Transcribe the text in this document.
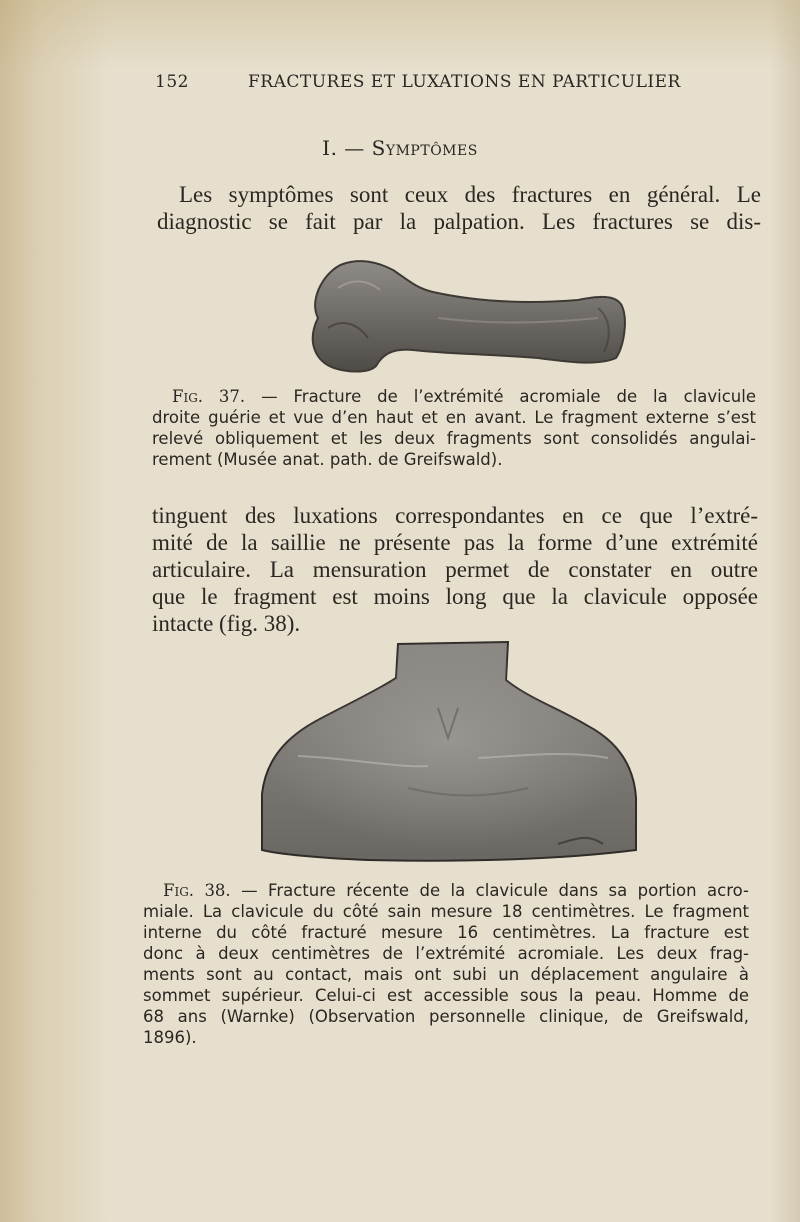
152	FRACTURES ET LUXATIONS EN PARTICULIER
I. — Symptômes
Les symptômes sont ceux des fractures en général. Le
diagnostic se fait par la palpation. Les fractures se dis-

Fig. 37. — Fracture de l’extrémité acromiale de la clavicule
droite guérie et vue d’en haut et en avant. Le fragment externe s’est
relevé obliquement et les deux fragments sont consolidés angulai-
rement (Musée anat. path. de Greifswald).

tinguent des luxations correspondantes en ce que l’extré-
mité de la saillie ne présente pas la forme d’une extrémité
articulaire. La mensuration permet de constater en outre
que le fragment est moins long que la clavicule opposée
intacte (fig. 38).

Fig. 38. — Fracture récente de la clavicule dans sa portion acro-
miale. La clavicule du côté sain mesure 18 centimètres. Le fragment
interne du côté fracturé mesure 16 centimètres. La fracture est
donc à deux centimètres de l’extrémité acromiale. Les deux frag-
ments sont au contact, mais ont subi un déplacement angulaire à
sommet supérieur. Celui-ci est accessible sous la peau. Homme de
68 ans (Warnke) (Observation personnelle clinique, de Greifswald,
1896).
